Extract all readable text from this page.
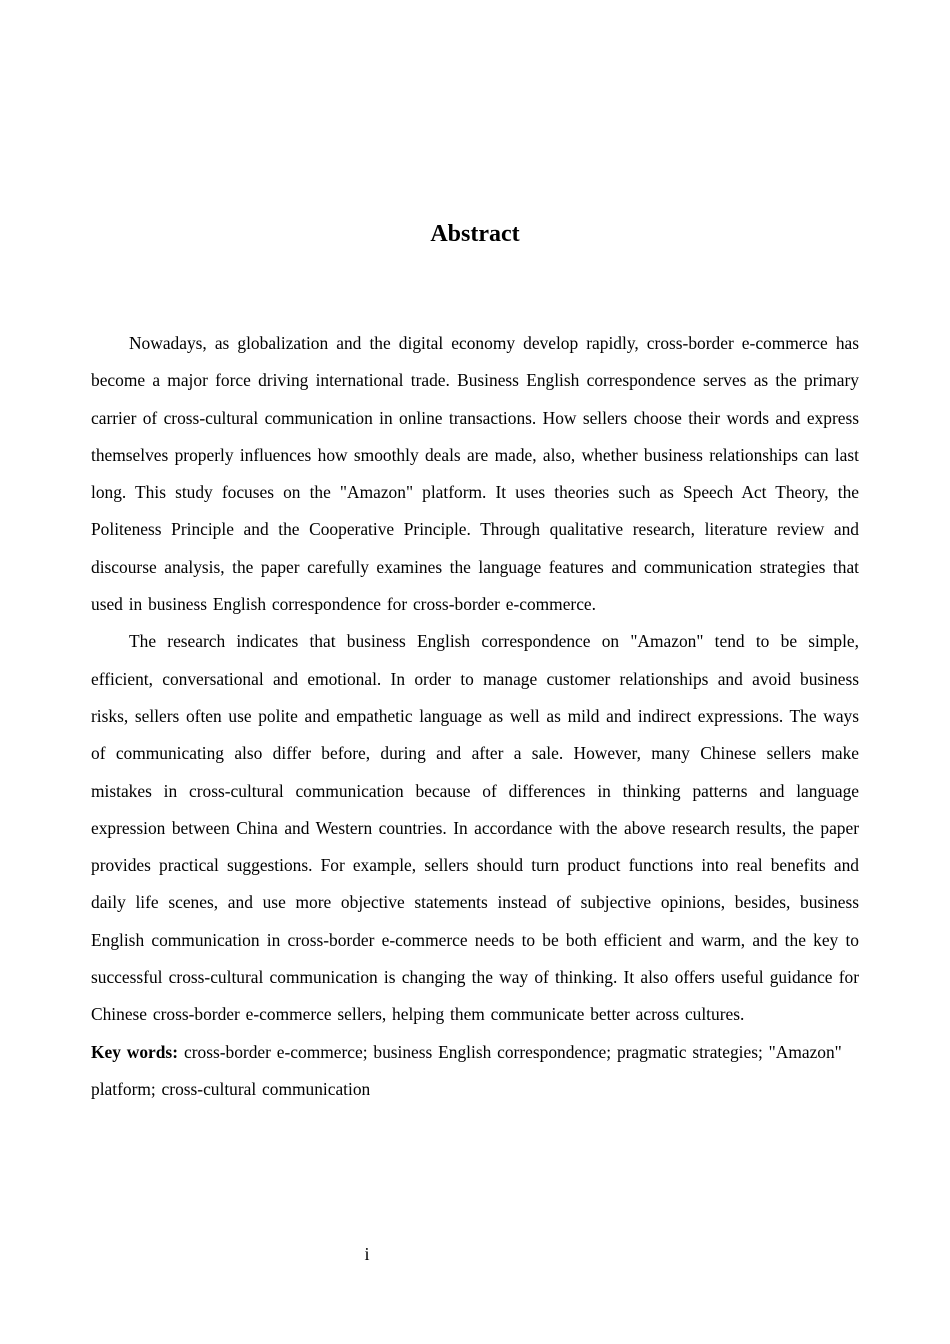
Abstract

Nowadays, as globalization and the digital economy develop rapidly, cross-border e-commerce has become a major force driving international trade. Business English correspondence serves as the primary carrier of cross-cultural communication in online transactions. How sellers choose their words and express themselves properly influences how smoothly deals are made, also, whether business relationships can last long. This study focuses on the "Amazon" platform. It uses theories such as Speech Act Theory, the Politeness Principle and the Cooperative Principle. Through qualitative research, literature review and discourse analysis, the paper carefully examines the language features and communication strategies that used in business English correspondence for cross-border e-commerce.

The research indicates that business English correspondence on "Amazon" tend to be simple, efficient, conversational and emotional. In order to manage customer relationships and avoid business risks, sellers often use polite and empathetic language as well as mild and indirect expressions. The ways of communicating also differ before, during and after a sale. However, many Chinese sellers make mistakes in cross-cultural communication because of differences in thinking patterns and language expression between China and Western countries. In accordance with the above research results, the paper provides practical suggestions. For example, sellers should turn product functions into real benefits and daily life scenes, and use more objective statements instead of subjective opinions, besides, business English communication in cross-border e-commerce needs to be both efficient and warm, and the key to successful cross-cultural communication is changing the way of thinking. It also offers useful guidance for Chinese cross-border e-commerce sellers, helping them communicate better across cultures.

Key words: cross-border e-commerce; business English correspondence; pragmatic strategies; "Amazon" platform; cross-cultural communication

i
